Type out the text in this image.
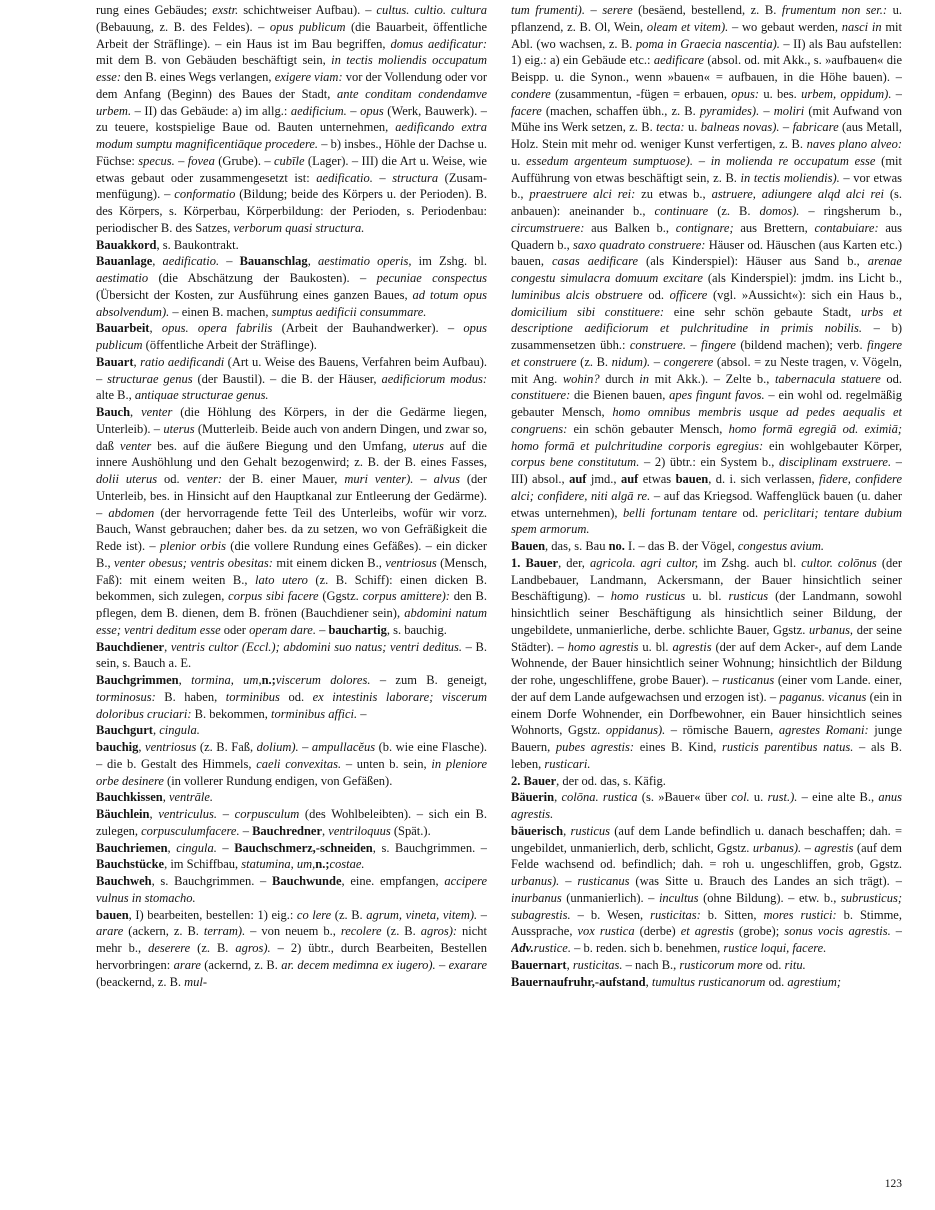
rung eines Gebäudes; exstr. schichtweiser Aufbau). – cultus. cultio. cultura (Bebauung, z. B. des Feldes). – opus publicum (die Bauarbeit, öffentliche Arbeit der Sträflinge). – ein Haus ist im Bau begriffen, domus aedificatur: mit dem B. von Gebäuden beschäftigt sein, in tectis moliendis occupatum esse: den B. eines Wegs verlangen, exigere viam: vor der Vollendung oder vor dem Anfang (Beginn) des Baues der Stadt, ante conditam condendamve urbem. – II) das Gebäude: a) im allg.: aedificium. – opus (Werk, Bauwerk). – zu teuere, kostspielige Baue od. Bauten unternehmen, aedificando extra modum sumptu magnificentiāque procedere. – b) insbes., Höhle der Dachse u. Füchse: specus. – fovea (Grube). – cubīle (Lager). – III) die Art u. Weise, wie etwas gebaut oder zusammengesetzt ist: aedificatio. – structura (Zusammenfügung). – conformatio (Bildung; beide des Körpers u. der Perioden). B. des Körpers, s. Körperbau, Körperbildung: der Perioden, s. Periodenbau: periodischer B. des Satzes, verborum quasi structura.

Bauakkord, s. Baukontrakt.

Bauanlage, aedificatio. – Bauanschlag, aestimatio operis, im Zshg. bl. aestimatio (die Abschätzung der Baukosten). – pecuniae conspectus (Übersicht der Kosten, zur Ausführung eines ganzen Baues, ad totum opus absolvendum). – einen B. machen, sumptus aedificii consummare.

Bauarbeit, opus. opera fabrilis (Arbeit der Bauhandwerker). – opus publicum (öffentliche Arbeit der Sträflinge).

Bauart, ratio aedificandi (Art u. Weise des Bauens, Verfahren beim Aufbau). – structurae genus (der Baustil). – die B. der Häuser, aedificiorum modus: alte B., antiquae structurae genus.

Bauch, venter (die Höhlung des Körpers, in der die Gedärme liegen, Unterleib). – uterus (Mutterleib. Beide auch von andern Dingen, und zwar so, daß venter bes. auf die äußere Biegung und den Umfang, uterus auf die innere Aushöhlung und den Gehalt bezogenwird; z. B. der B. eines Fasses, dolii uterus od. venter: der B. einer Mauer, muri venter). – alvus (der Unterleib, bes. in Hinsicht auf den Hauptkanal zur Entleerung der Gedärme). – abdomen (der hervorragende fette Teil des Unterleibs, wofür wir vorz. Bauch, Wanst gebrauchen; daher bes. da zu setzen, wo von Gefräßigkeit die Rede ist). – plenior orbis (die vollere Rundung eines Gefäßes). – ein dicker B., venter obesus; ventris obesitas: mit einem dicken B., ventriosus (Mensch, Faß): mit einem weiten B., lato utero (z. B. Schiff): einen dicken B. bekommen, sich zulegen, corpus sibi facere (Ggstz. corpus amittere): den B. pflegen, dem B. dienen, dem B. frönen (Bauchdiener sein), abdomini natum esse; ventri deditum esse oder operam dare. – bauchartig, s. bauchig.

Bauchdiener, ventris cultor (Eccl.); abdomini suo natus; ventri deditus. – B. sein, s. Bauch a. E.

Bauchgrimmen, tormina, um,n.;viscerum dolores. – zum B. geneigt, torminosus: B. haben, torminibus od. ex intestinis laborare; viscerum doloribus cruciari: B. bekommen, torminibus affici. –

Bauchgurt, cingula.

bauchig, ventriosus (z. B. Faß, dolium). – ampullacĕus (b. wie eine Flasche). – die b. Gestalt des Himmels, caeli convexitas. – unten b. sein, in pleniore orbe desinere (in vollerer Rundung endigen, von Gefäßen).

Bauchkissen, ventrāle.

Bäuchlein, ventriculus. – corpusculum (des Wohlbeleibten). – sich ein B. zulegen, corpusculumfacere. – Bauchredner, ventriloquus (Spät.).

Bauchriemen, cingula. – Bauchschmerz,-schneiden, s. Bauchgrimmen. – Bauchstücke, im Schiffbau, statumina, um,n.;costae.

Bauchweh, s. Bauchgrimmen. – Bauchwunde, eine. empfangen, accipere vulnus in stomacho.

bauen, I) bearbeiten, bestellen: 1) eig.: co lere (z. B. agrum, vineta, vitem). – arare (ackern, z. B. terram). – von neuem b., recolere (z. B. agros): nicht mehr b., deserere (z. B. agros). – 2) übtr., durch Bearbeiten, Bestellen hervorbringen: arare (ackernd, z. B. ar. decem medimna ex iugero). – exarare (beackernd, z. B. mul-

tum frumenti). – serere (besäend, bestellend, z. B. frumentum non ser.: u. pflanzend, z. B. Ol, Wein, oleam et vitem). – wo gebaut werden, nasci in mit Abl. (wo wachsen, z. B. poma in Graecia nascentia). – II) als Bau aufstellen: 1) eig.: a) ein Gebäude etc.: aedificare (absol. od. mit Akk., s. »aufbauen« die Beispp. u. die Synon., wenn »bauen« = aufbauen, in die Höhe bauen). – condere (zusammentun, -fügen = erbauen, opus: u. bes. urbem, oppidum). – facere (machen, schaffen übh., z. B. pyramides). – moliri (mit Aufwand von Mühe ins Werk setzen, z. B. tecta: u. balneas novas). – fabricare (aus Metall, Holz. Stein mit mehr od. weniger Kunst verfertigen, z. B. naves plano alveo: u. essedum argenteum sumptuose). – in molienda re occupatum esse (mit Aufführung von etwas beschäftigt sein, z. B. in tectis moliendis). – vor etwas b., praestruere alci rei: zu etwas b., astruere, adiungere alqd alci rei (s. anbauen): aneinander b., continuare (z. B. domos). – ringsherum b., circumstruere: aus Balken b., contignare; aus Brettern, contabuiare: aus Quadern b., saxo quadrato construere: Häuser od. Häuschen (aus Karten etc.) bauen, casas aedificare (als Kinderspiel): Häuser aus Sand b., arenae congestu simulacra domuum excitare (als Kinderspiel): jmdm. ins Licht b., luminibus alcis obstruere od. officere (vgl. »Aussicht«): sich ein Haus b., domicilium sibi constituere: eine sehr schön gebaute Stadt, urbs et descriptione aedificiorum et pulchritudine in primis nobilis. – b) zusammensetzen übh.: construere. – fingere (bildend machen); verb. fingere et construere (z. B. nidum). – congerere (absol. = zu Neste tragen, v. Vögeln, mit Ang. wohin? durch in mit Akk.). – Zelte b., tabernacula statuere od. constituere: die Bienen bauen, apes fingunt favos. – ein wohl od. regelmäßig gebauter Mensch, homo omnibus membris usque ad pedes aequalis et congruens: ein schön gebauter Mensch, homo formā egregiā od. eximiā; homo formā et pulchritudine corporis egregius: ein wohlgebauter Körper, corpus bene constitutum. – 2) übtr.: ein System b., disciplinam exstruere. – III) absol., auf jmd., auf etwas bauen, d. i. sich verlassen, fidere, confidere alci; confidere, niti algā re. – auf das Kriegsod. Waffenglück bauen (u. daher etwas unternehmen), belli fortunam tentare od. periclitari; tentare dubium spem armorum.

Bauen, das, s. Bau no. I. – das B. der Vögel, congestus avium.

1. Bauer, der, agricola. agri cultor, im Zshg. auch bl. cultor. colōnus (der Landbebauer, Landmann, Ackersmann, der Bauer hinsichtlich seiner Beschäftigung). – homo rusticus u. bl. rusticus (der Landmann, sowohl hinsichtlich seiner Beschäftigung als hinsichtlich seiner Bildung, der ungebildete, unmanierliche, derbe. schlichte Bauer, Ggstz. urbanus, der seine Städter). – homo agrestis u. bl. agrestis (der auf dem Acker-, auf dem Lande Wohnende, der Bauer hinsichtlich seiner Wohnung; hinsichtlich der Bildung der rohe, ungeschliffene, grobe Bauer). – rusticanus (einer vom Lande. einer, der auf dem Lande aufgewachsen und erzogen ist). – paganus. vicanus (ein in einem Dorfe Wohnender, ein Dorfbewohner, ein Bauer hinsichtlich seines Wohnorts, Ggstz. oppidanus). – römische Bauern, agrestes Romani: junge Bauern, pubes agrestis: eines B. Kind, rusticis parentibus natus. – als B. leben, rusticari.

2. Bauer, der od. das, s. Käfig.

Bäuerin, colōna. rustica (s. »Bauer« über col. u. rust.). – eine alte B., anus agrestis.

bäuerisch, rusticus (auf dem Lande befindlich u. danach beschaffen; dah. = ungebildet, unmanierlich, derb, schlicht, Ggstz. urbanus). – agrestis (auf dem Felde wachsend od. befindlich; dah. = roh u. ungeschliffen, grob, Ggstz. urbanus). – rusticanus (was Sitte u. Brauch des Landes an sich trägt). – inurbanus (unmanierlich). – incultus (ohne Bildung). – etw. b., subrusticus; subagrestis. – b. Wesen, rusticitas: b. Sitten, mores rustici: b. Stimme, Aussprache, vox rustica (derbe) et agrestis (grobe); sonus vocis agrestis. – Adv.rustice. – b. reden. sich b. benehmen, rustice loqui, facere.

Bauernart, rusticitas. – nach B., rusticorum more od. ritu.

Bauernaufruhr,-aufstand, tumultus rusticanorum od. agrestium;

123
